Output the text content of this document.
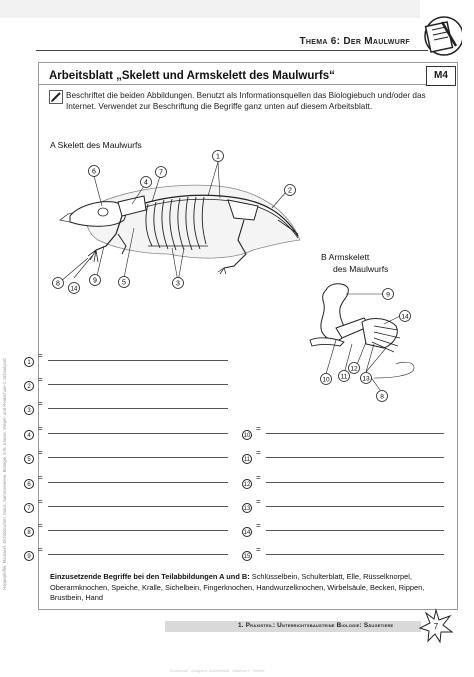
Thema 6: Der Maulwurf
Arbeitsblatt „Skelett und Armskelett des Maulwurfs“	M4
Beschriftet die beiden Abbildungen. Benutzt als Informationsquellen das Biologiebuch und/oder das Internet. Verwendet zur Beschriftung die Begriffe ganz unten auf diesem Arbeitsblatt.
A Skelett des Maulwurfs
1
2
3
4
5
6	7
8	9
14
B Armskelett
des Maulwurfs
9
14
10 11
12
13
8
1
=
2
=
3
=
4
=
5
=
6
=
7
=
8
=
9
=
10
=
11
=
12
=
13
=
14
=
15
=
Einzusetzende Begriffe bei den Teilabbildungen A und B: Schlüsselbein, Schulterblatt, Elle, Rüsselknorpel, Oberarmknochen, Speiche, Kralle, Sichelbein, Fingerknochen, Handwurzelknochen, Wirbelsäule, Becken, Rippen, Brustbein, Hand
1. Praxisteil: Unterrichtsbausteine Biologie: Säugetiere	7
Hoppepfeffel, Maulwurf, Eichhörnchen, Maus, Sommerwiese, Biologie, 5./6. Klasse, Wegel- und Realschule © Schoolyard
Download · Ausgabe: Arbeitsblatt · Maulwurf · Skelett
